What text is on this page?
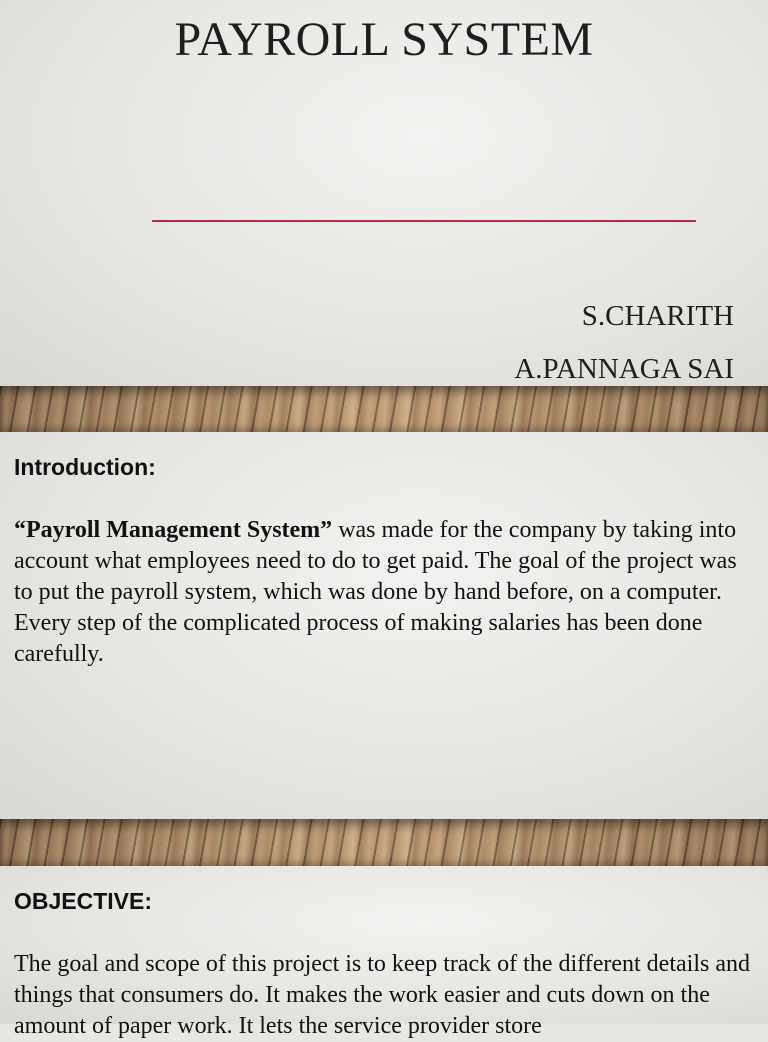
PAYROLL SYSTEM
S.CHARITH
A.PANNAGA SAI
Introduction:

“Payroll Management System” was made for the company by taking into account what employees need to do to get paid. The goal of the project was to put the payroll system, which was done by hand before, on a computer. Every step of the complicated process of making salaries has been done carefully.

OBJECTIVE:

The goal and scope of this project is to keep track of the different details and things that consumers do. It makes the work easier and cuts down on the amount of paper work. It lets the service provider store
